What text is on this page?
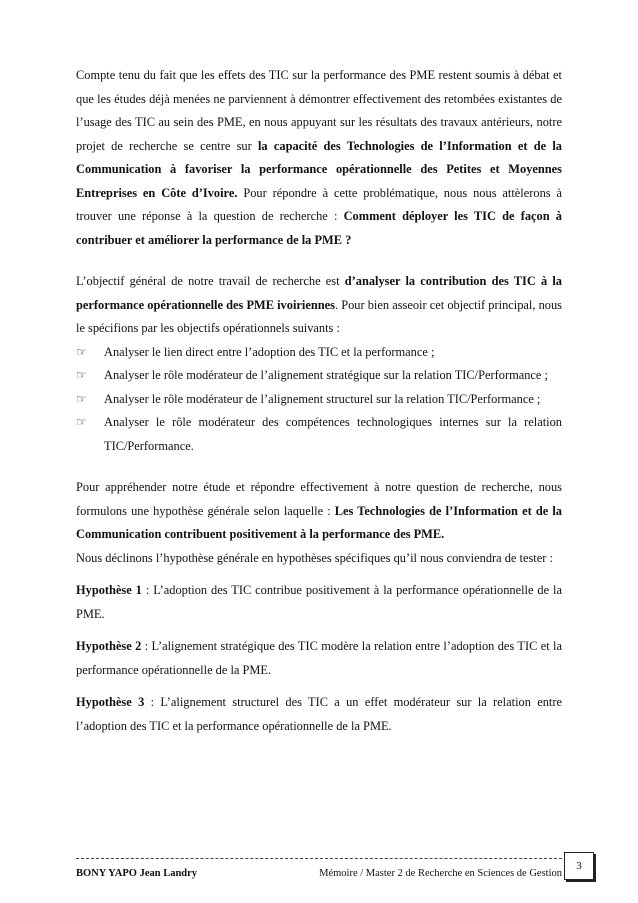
Compte tenu du fait que les effets des TIC sur la performance des PME restent soumis à débat et que les études déjà menées ne parviennent à démontrer effectivement des retombées existantes de l’usage des TIC au sein des PME, en nous appuyant sur les résultats des travaux antérieurs, notre projet de recherche se centre sur la capacité des Technologies de l’Information et de la Communication à favoriser la performance opérationnelle des Petites et Moyennes Entreprises en Côte d’Ivoire. Pour répondre à cette problématique, nous nous attèlerons à trouver une réponse à la question de recherche : Comment déployer les TIC de façon à contribuer et améliorer la performance de la PME ?

L’objectif général de notre travail de recherche est d’analyser la contribution des TIC à la performance opérationnelle des PME ivoiriennes. Pour bien asseoir cet objectif principal, nous le spécifions par les objectifs opérationnels suivants :

☞ Analyser le lien direct entre l’adoption des TIC et la performance ;
☞ Analyser le rôle modérateur de l’alignement stratégique sur la relation TIC/Performance ;
☞ Analyser le rôle modérateur de l’alignement structurel sur la relation TIC/Performance ;
☞ Analyser le rôle modérateur des compétences technologiques internes sur la relation TIC/Performance.

Pour appréhender notre étude et répondre effectivement à notre question de recherche, nous formulons une hypothèse générale selon laquelle : Les Technologies de l’Information et de la Communication contribuent positivement à la performance des PME.

Nous déclinons l’hypothèse générale en hypothèses spécifiques qu’il nous conviendra de tester :

Hypothèse 1 : L’adoption des TIC contribue positivement à la performance opérationnelle de la PME.

Hypothèse 2 : L’alignement stratégique des TIC modère la relation entre l’adoption des TIC et la performance opérationnelle de la PME.

Hypothèse 3 : L’alignement structurel des TIC a un effet modérateur sur la relation entre l’adoption des TIC et la performance opérationnelle de la PME.

3
BONY YAPO Jean Landry	Mémoire / Master 2 de Recherche en Sciences de Gestion
